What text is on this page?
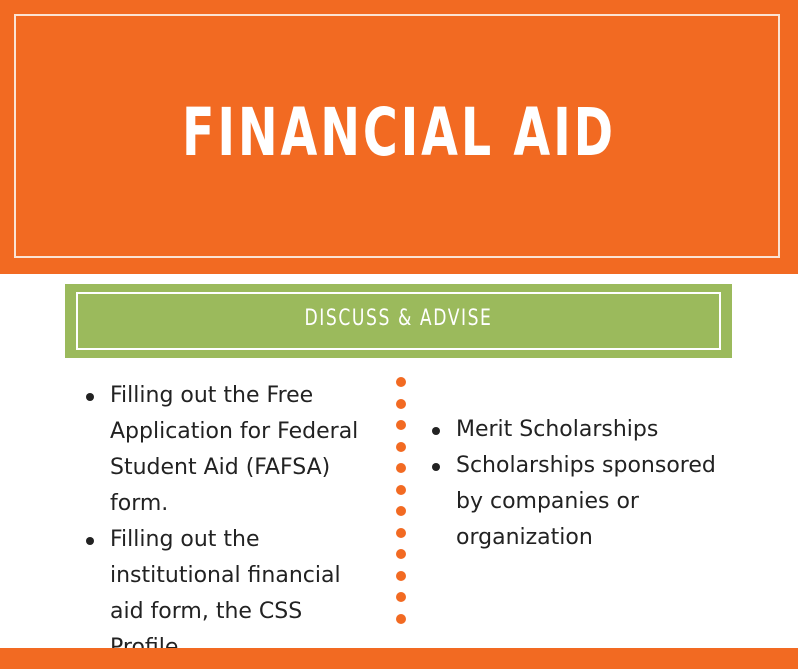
FINANCIAL AID
DISCUSS & ADVISE
Filling out the Free Application for Federal Student Aid (FAFSA) form.
Filling out the institutional financial aid form, the CSS
Merit Scholarships
Scholarships sponsored by companies or organization
